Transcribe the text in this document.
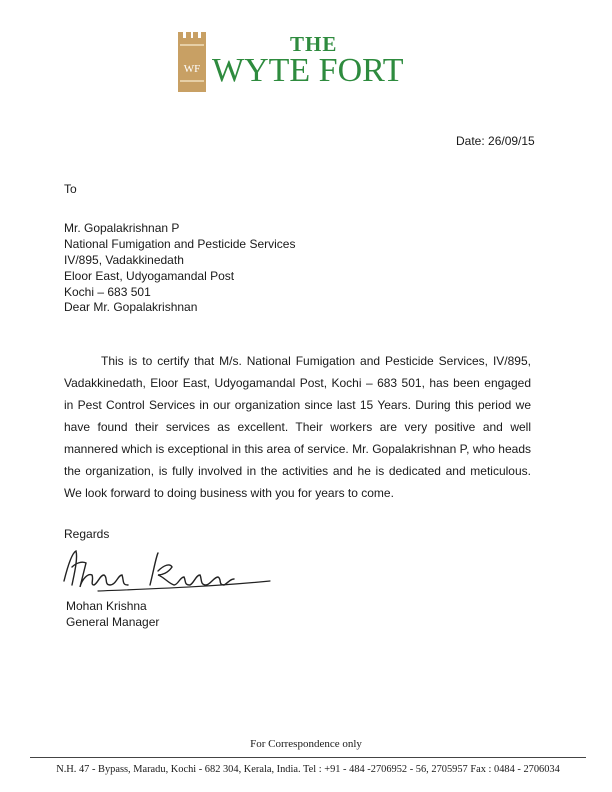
WF
THE
WYTE FORT
Date: 26/09/15
To
Mr. Gopalakrishnan P
National Fumigation and Pesticide Services
IV/895, Vadakkinedath
Eloor East, Udyogamandal Post
Kochi – 683 501
Dear Mr. Gopalakrishnan
This is to certify that M/s. National Fumigation and Pesticide Services, IV/895, Vadakkinedath, Eloor East, Udyogamandal Post, Kochi – 683 501, has been engaged in Pest Control Services in our organization since last 15 Years. During this period we have found their services as excellent. Their workers are very positive and well mannered which is exceptional in this area of service. Mr. Gopalakrishnan P, who heads the organization, is fully involved in the activities and he is dedicated and meticulous. We look forward to doing business with you for years to come.
Regards
Mohan Krishna
General Manager
For Correspondence only
N.H. 47 - Bypass, Maradu, Kochi - 682 304, Kerala, India. Tel : +91 - 484 -2706952 - 56, 2705957 Fax : 0484 - 2706034
